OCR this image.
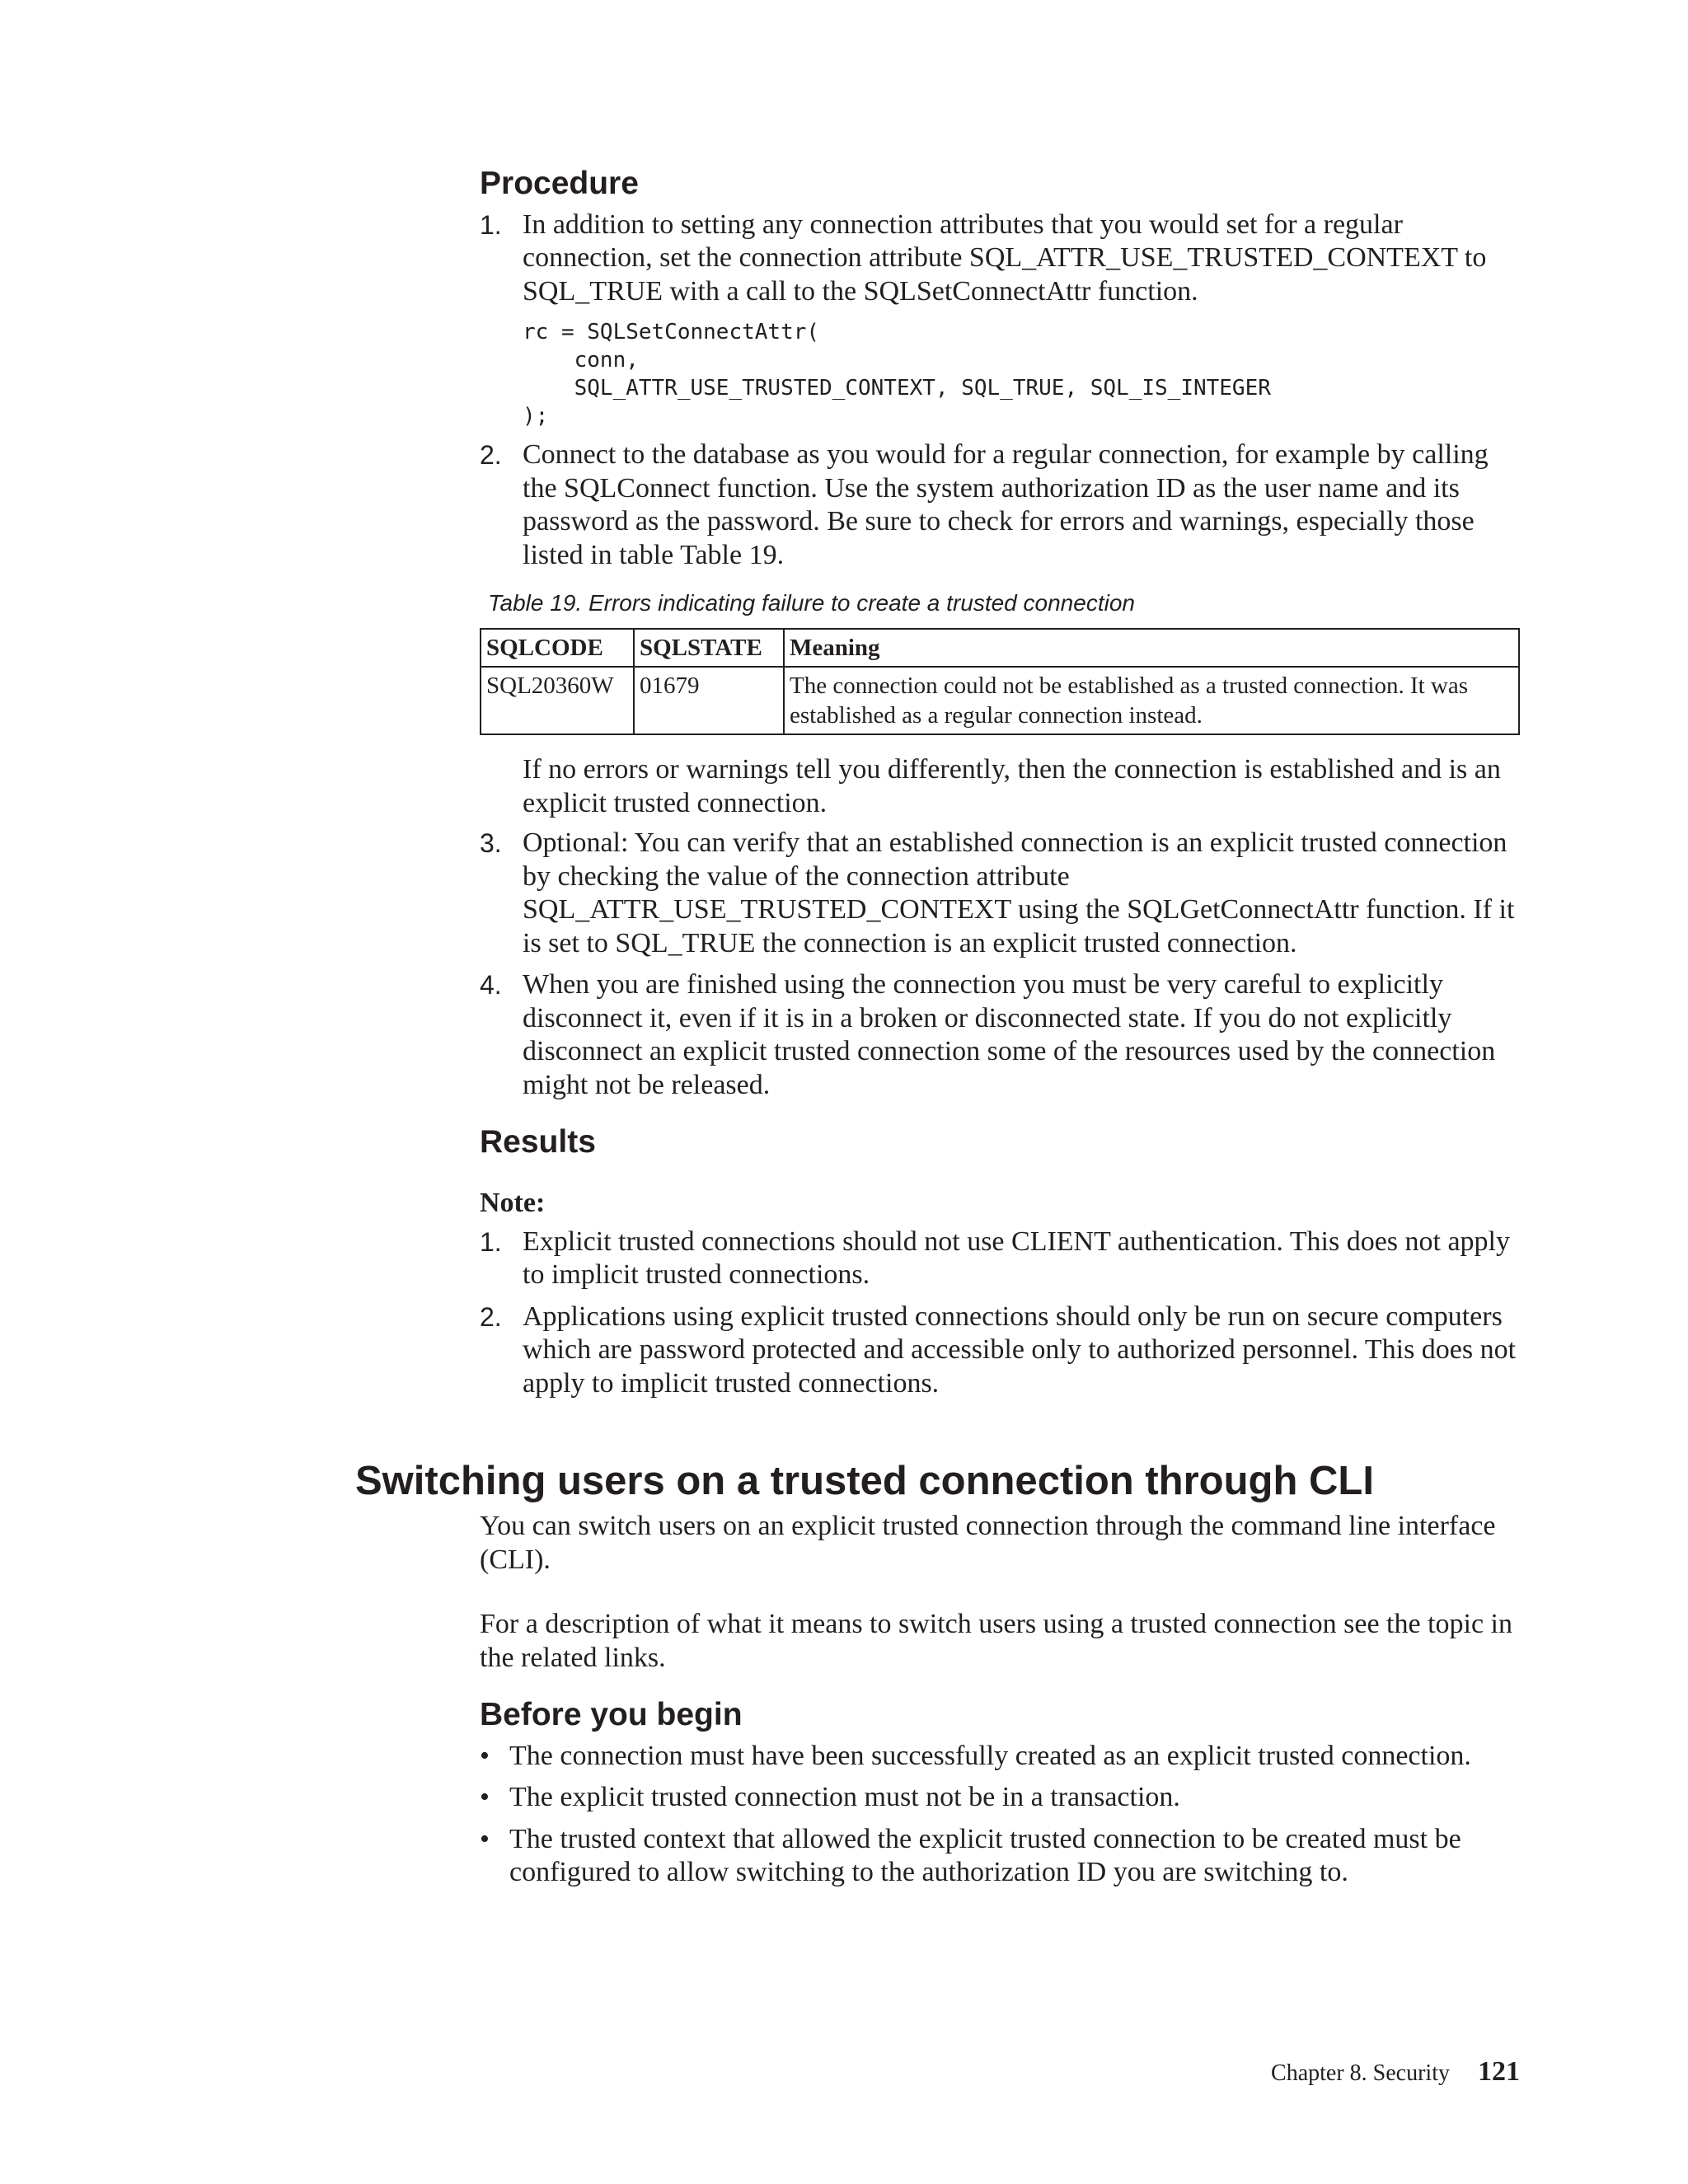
Procedure
1. In addition to setting any connection attributes that you would set for a regular connection, set the connection attribute SQL_ATTR_USE_TRUSTED_CONTEXT to SQL_TRUE with a call to the SQLSetConnectAttr function.

rc = SQLSetConnectAttr(
conn,
SQL_ATTR_USE_TRUSTED_CONTEXT, SQL_TRUE, SQL_IS_INTEGER
);
2. Connect to the database as you would for a regular connection, for example by calling the SQLConnect function. Use the system authorization ID as the user name and its password as the password. Be sure to check for errors and warnings, especially those listed in table Table 19.

Table 19. Errors indicating failure to create a trusted connection

SQLCODE	SQLSTATE	Meaning
SQL20360W	01679	The connection could not be established as a trusted connection. It was established as a regular connection instead.

If no errors or warnings tell you differently, then the connection is established and is an explicit trusted connection.

3. Optional: You can verify that an established connection is an explicit trusted connection by checking the value of the connection attribute SQL_ATTR_USE_TRUSTED_CONTEXT using the SQLGetConnectAttr function. If it is set to SQL_TRUE the connection is an explicit trusted connection.

4. When you are finished using the connection you must be very careful to explicitly disconnect it, even if it is in a broken or disconnected state. If you do not explicitly disconnect an explicit trusted connection some of the resources used by the connection might not be released.

Results

Note:

1. Explicit trusted connections should not use CLIENT authentication. This does not apply to implicit trusted connections.

2. Applications using explicit trusted connections should only be run on secure computers which are password protected and accessible only to authorized personnel. This does not apply to implicit trusted connections.

Switching users on a trusted connection through CLI

You can switch users on an explicit trusted connection through the command line interface (CLI).

For a description of what it means to switch users using a trusted connection see the topic in the related links.

Before you begin
• The connection must have been successfully created as an explicit trusted connection.

• The explicit trusted connection must not be in a transaction.

• The trusted context that allowed the explicit trusted connection to be created must be configured to allow switching to the authorization ID you are switching to.

Chapter 8. Security 121
